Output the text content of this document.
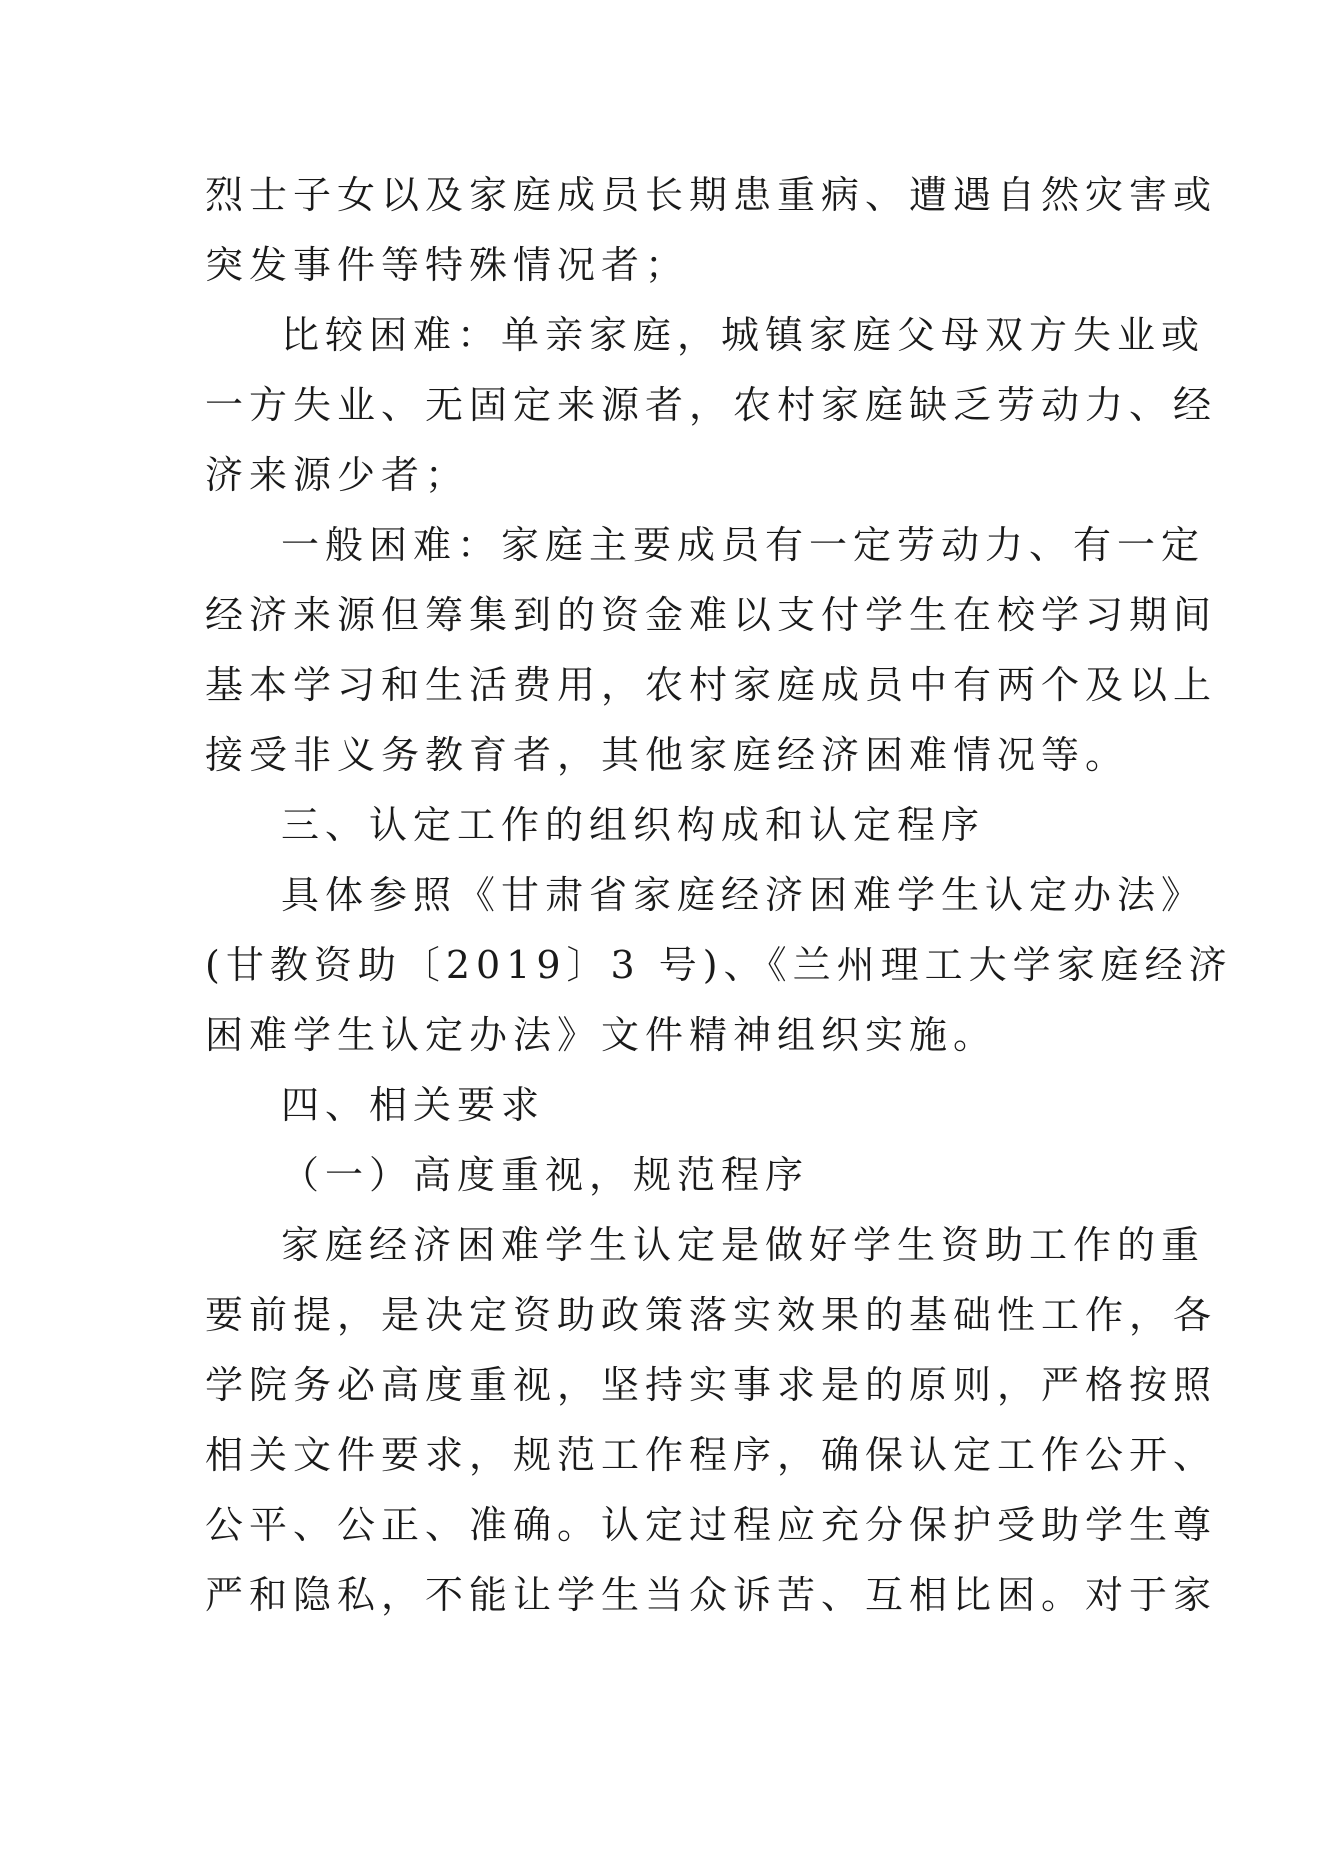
烈士子女以及家庭成员长期患重病、遭遇自然灾害或
突发事件等特殊情况者；
比较困难：单亲家庭，城镇家庭父母双方失业或
一方失业、无固定来源者，农村家庭缺乏劳动力、经
济来源少者；
一般困难：家庭主要成员有一定劳动力、有一定
经济来源但筹集到的资金难以支付学生在校学习期间
基本学习和生活费用，农村家庭成员中有两个及以上
接受非义务教育者，其他家庭经济困难情况等。
三、认定工作的组织构成和认定程序
具体参照《甘肃省家庭经济困难学生认定办法》
(甘教资助〔2019〕3 号)、《兰州理工大学家庭经济
困难学生认定办法》文件精神组织实施。
四、相关要求
（一）高度重视，规范程序
家庭经济困难学生认定是做好学生资助工作的重
要前提，是决定资助政策落实效果的基础性工作，各
学院务必高度重视，坚持实事求是的原则，严格按照
相关文件要求，规范工作程序，确保认定工作公开、
公平、公正、准确。认定过程应充分保护受助学生尊
严和隐私，不能让学生当众诉苦、互相比困。对于家
